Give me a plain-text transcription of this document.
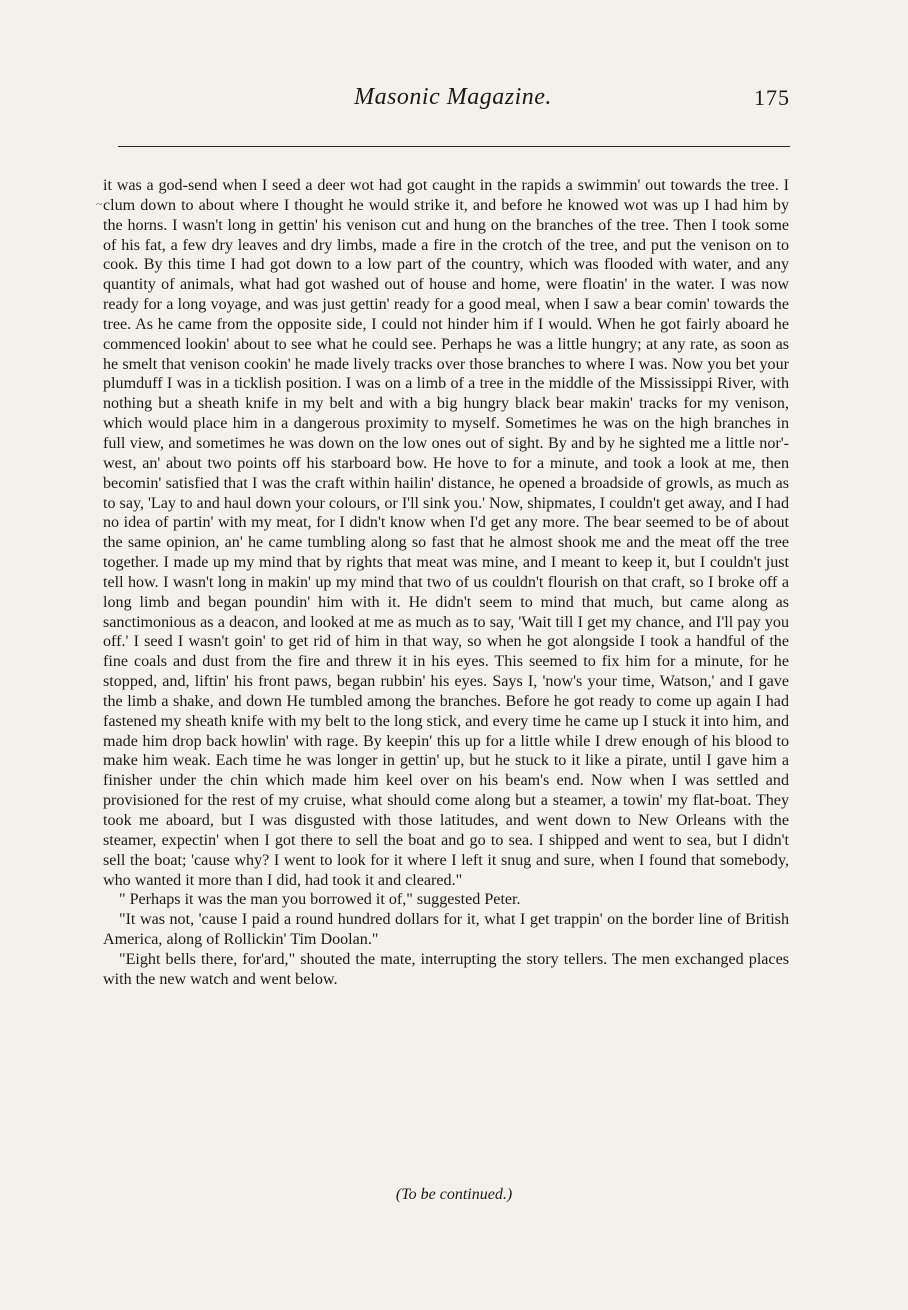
Masonic Magazine.	175
~

it was a god-send when I seed a deer wot had got caught in the rapids a swimmin' out towards the tree. I clum down to about where I thought he would strike it, and before he knowed wot was up I had him by the horns. I wasn't long in gettin' his venison cut and hung on the branches of the tree. Then I took some of his fat, a few dry leaves and dry limbs, made a fire in the crotch of the tree, and put the venison on to cook. By this time I had got down to a low part of the country, which was flooded with water, and any quantity of animals, what had got washed out of house and home, were floatin' in the water. I was now ready for a long voyage, and was just gettin' ready for a good meal, when I saw a bear comin' towards the tree. As he came from the opposite side, I could not hinder him if I would. When he got fairly aboard he commenced lookin' about to see what he could see. Perhaps he was a little hungry; at any rate, as soon as he smelt that venison cookin' he made lively tracks over those branches to where I was. Now you bet your plumduff I was in a ticklish position. I was on a limb of a tree in the middle of the Mississippi River, with nothing but a sheath knife in my belt and with a big hungry black bear makin' tracks for my venison, which would place him in a dangerous proximity to myself. Sometimes he was on the high branches in full view, and sometimes he was down on the low ones out of sight. By and by he sighted me a little nor'-west, an' about two points off his starboard bow. He hove to for a minute, and took a look at me, then becomin' satisfied that I was the craft within hailin' distance, he opened a broadside of growls, as much as to say, 'Lay to and haul down your colours, or I'll sink you.' Now, shipmates, I couldn't get away, and I had no idea of partin' with my meat, for I didn't know when I'd get any more. The bear seemed to be of about the same opinion, an' he came tumbling along so fast that he almost shook me and the meat off the tree together. I made up my mind that by rights that meat was mine, and I meant to keep it, but I couldn't just tell how. I wasn't long in makin' up my mind that two of us couldn't flourish on that craft, so I broke off a long limb and began poundin' him with it. He didn't seem to mind that much, but came along as sanctimonious as a deacon, and looked at me as much as to say, 'Wait till I get my chance, and I'll pay you off.' I seed I wasn't goin' to get rid of him in that way, so when he got alongside I took a handful of the fine coals and dust from the fire and threw it in his eyes. This seemed to fix him for a minute, for he stopped, and, liftin' his front paws, began rubbin' his eyes. Says I, 'now's your time, Watson,' and I gave the limb a shake, and down He tumbled among the branches. Before he got ready to come up again I had fastened my sheath knife with my belt to the long stick, and every time he came up I stuck it into him, and made him drop back howlin' with rage. By keepin' this up for a little while I drew enough of his blood to make him weak. Each time he was longer in gettin' up, but he stuck to it like a pirate, until I gave him a finisher under the chin which made him keel over on his beam's end. Now when I was settled and provisioned for the rest of my cruise, what should come along but a steamer, a towin' my flat-boat. They took me aboard, but I was disgusted with those latitudes, and went down to New Orleans with the steamer, expectin' when I got there to sell the boat and go to sea. I shipped and went to sea, but I didn't sell the boat; 'cause why? I went to look for it where I left it snug and sure, when I found that somebody, who wanted it more than I did, had took it and cleared."

" Perhaps it was the man you borrowed it of," suggested Peter.

"It was not, 'cause I paid a round hundred dollars for it, what I get trappin' on the border line of British America, along of Rollickin' Tim Doolan."

"Eight bells there, for'ard," shouted the mate, interrupting the story tellers. The men exchanged places with the new watch and went below.

(To be continued.)
